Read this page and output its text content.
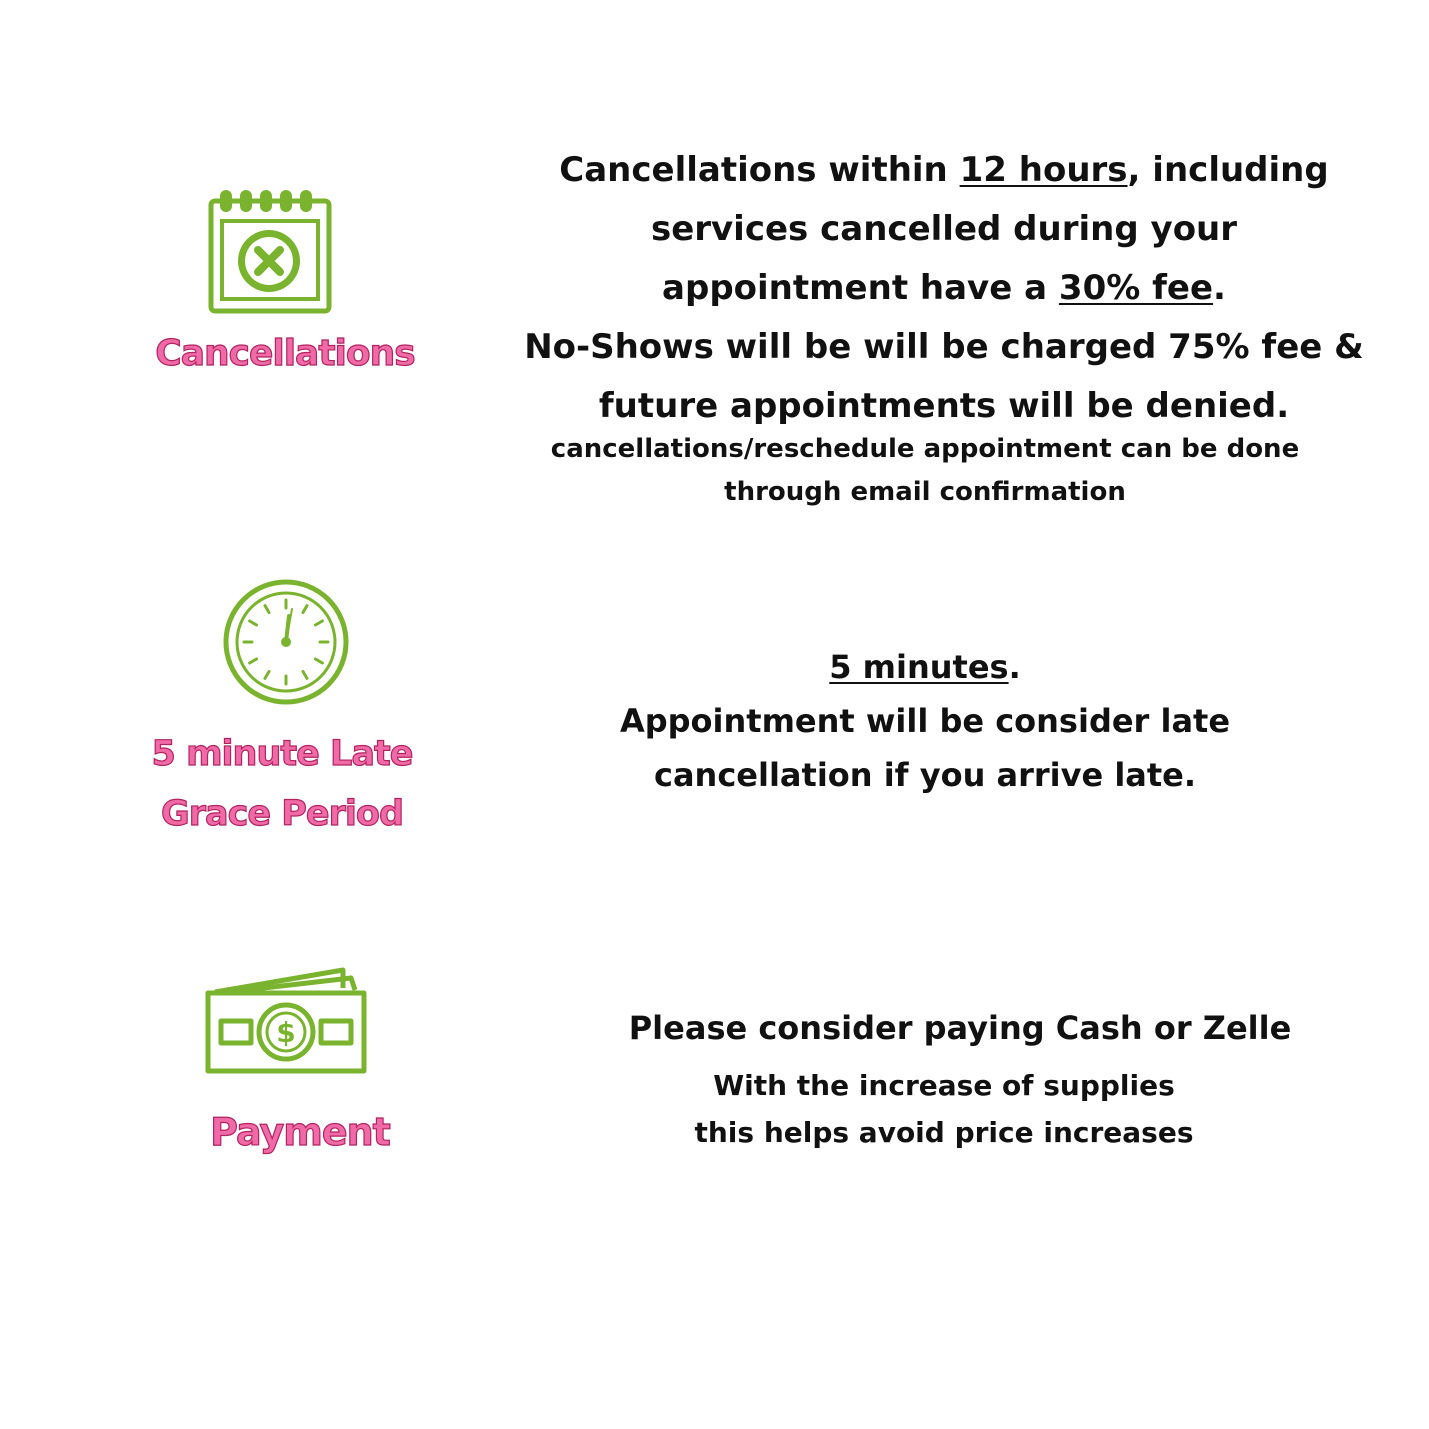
Cancellations
Cancellations within 12 hours, including
services cancelled during your
appointment have a 30% fee.
No-Shows will be will be charged 75% fee &
future appointments will be denied.
cancellations/reschedule appointment can be done
through email confirmation
5 minute Late
Grace Period
5 minutes.
Appointment will be consider late
cancellation if you arrive late.
$
Payment
Please consider paying Cash or Zelle
With the increase of supplies
this helps avoid price increases
